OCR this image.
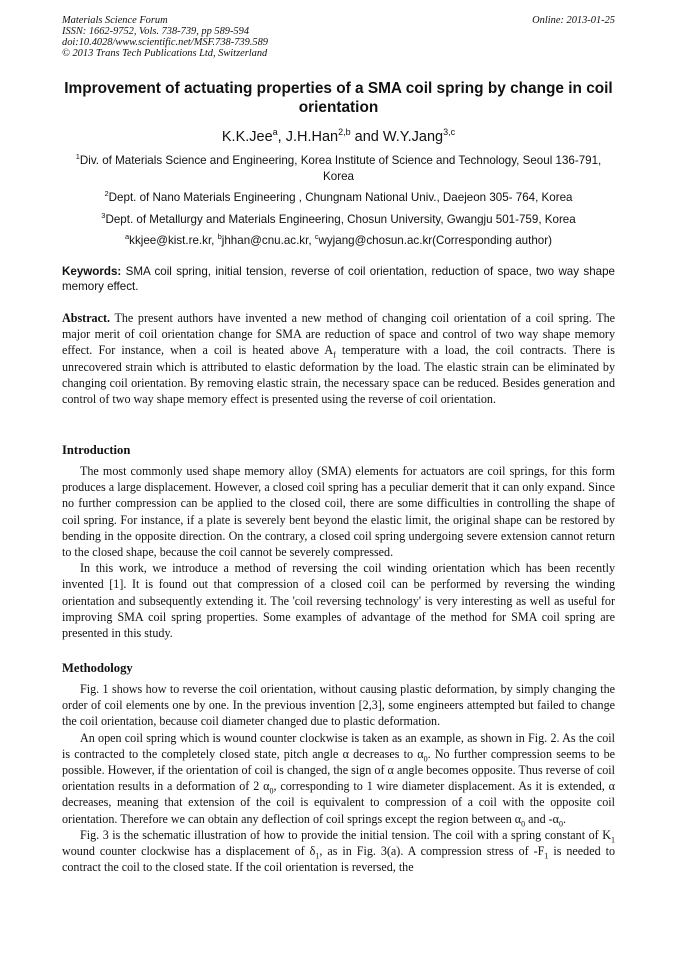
Materials Science Forum
ISSN: 1662-9752, Vols. 738-739, pp 589-594
doi:10.4028/www.scientific.net/MSF.738-739.589
© 2013 Trans Tech Publications Ltd, Switzerland
Online: 2013-01-25
Improvement of actuating properties of a SMA coil spring by change in coil orientation
K.K.Jee$^a$, J.H.Han$^{2,b}$ and W.Y.Jang$^{3,c}$
$^1$Div. of Materials Science and Engineering, Korea Institute of Science and Technology, Seoul 136-791, Korea
$^2$Dept. of Nano Materials Engineering , Chungnam National Univ., Daejeon 305- 764, Korea
$^3$Dept. of Metallurgy and Materials Engineering, Chosun University, Gwangju 501-759, Korea
$^a$kkjee@kist.re.kr, $^b$jhhan@cnu.ac.kr, $^c$wyjang@chosun.ac.kr(Corresponding author)
Keywords: SMA coil spring, initial tension, reverse of coil orientation, reduction of space, two way shape memory effect.
Abstract. The present authors have invented a new method of changing coil orientation of a coil spring. The major merit of coil orientation change for SMA are reduction of space and control of two way shape memory effect. For instance, when a coil is heated above $A_f$ temperature with a load, the coil contracts. There is unrecovered strain which is attributed to elastic deformation by the load. The elastic strain can be eliminated by changing coil orientation. By removing elastic strain, the necessary space can be reduced. Besides generation and control of two way shape memory effect is presented using the reverse of coil orientation.
Introduction

The most commonly used shape memory alloy (SMA) elements for actuators are coil springs, for this form produces a large displacement. However, a closed coil spring has a peculiar demerit that it can only expand. Since no further compression can be applied to the closed coil, there are some difficulties in controlling the shape of coil spring. For instance, if a plate is severely bent beyond the elastic limit, the original shape can be restored by bending in the opposite direction. On the contrary, a closed coil spring undergoing severe extension cannot return to the closed shape, because the coil cannot be severely compressed.

In this work, we introduce a method of reversing the coil winding orientation which has been recently invented [1]. It is found out that compression of a closed coil can be performed by reversing the winding orientation and subsequently extending it. The 'coil reversing technology' is very interesting as well as useful for improving SMA coil spring properties. Some examples of advantage of the method for SMA coil spring are presented in this study.

Methodology

Fig. 1 shows how to reverse the coil orientation, without causing plastic deformation, by simply changing the order of coil elements one by one. In the previous invention [2,3], some engineers attempted but failed to change the coil orientation, because coil diameter changed due to plastic deformation.

An open coil spring which is wound counter clockwise is taken as an example, as shown in Fig. 2. As the coil is contracted to the completely closed state, pitch angle α decreases to $\alpha_0$. No further compression seems to be possible. However, if the orientation of coil is changed, the sign of α angle becomes opposite. Thus reverse of coil orientation results in a deformation of 2 $\alpha_0$, corresponding to 1 wire diameter displacement. As it is extended, α decreases, meaning that extension of the coil is equivalent to compression of a coil with the opposite coil orientation. Therefore we can obtain any deflection of coil springs except the region between $\alpha_0$ and $-\alpha_0$.

Fig. 3 is the schematic illustration of how to provide the initial tension. The coil with a spring constant of $K_1$ wound counter clockwise has a displacement of $\delta_1$, as in Fig. 3(a). A compression stress of $-F_1$ is needed to contract the coil to the closed state. If the coil orientation is reversed, the
